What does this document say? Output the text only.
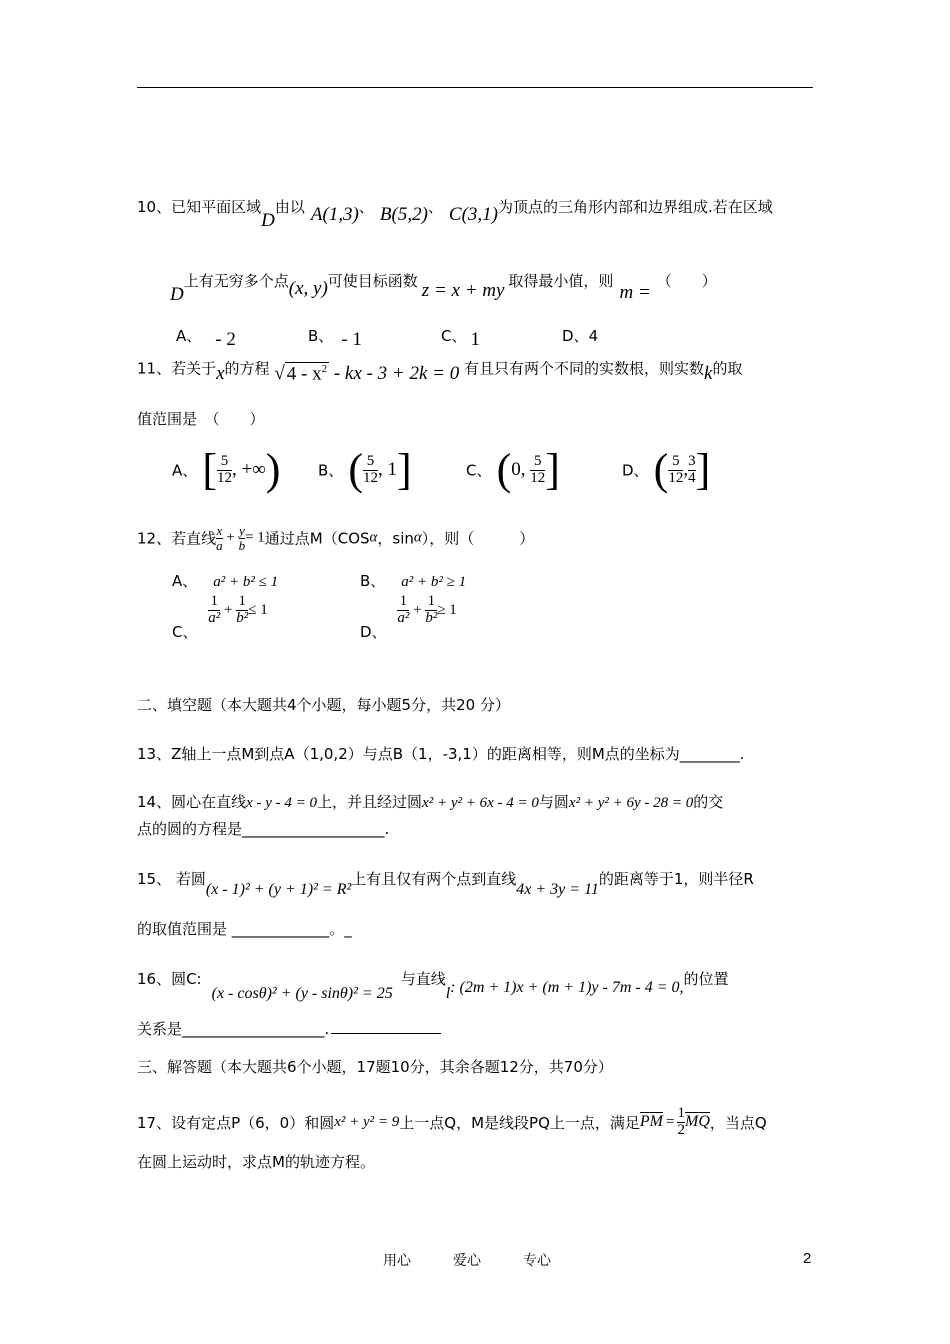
10、已知平面区域D由以 A(1,3)、 B(5,2)、 C(3,1)为顶点的三角形内部和边界组成.若在区域
D上有无穷多个点(x, y)可使目标函数 z = x + my 取得最小值，则m =（　　）
A、 - 2	B、 - 1	C、 1	D、4
11、若关于x的方程 √ $4 - x^2$ - kx - 3 + 2k = 0 有且只有两个不同的实数根，则实数k的取
值范围是　（　　）
A、 [ $\frac{5}{12}$ , +∞)	B、 ( $\frac{5}{12}$ , 1]	C、 (0, $\frac{5}{12}$ ]	D、 ( $\frac{5}{12}$ , $\frac{3}{4}$ ]
12、若直线 $\frac{x}{a} + \frac{y}{b} = 1$通过点M（COSα，sinα），则（　　　）
A、 a² + b² ≤ 1	B、 a² + b² ≥ 1
C、
$\frac{1}{\text{a²}} + \frac{1}{\text{b²}} \le 1$
D、
$\frac{1}{\text{a²}} + \frac{1}{\text{b²}} \ge 1$
二、填空题（本大题共4个小题，每小题5分，共20 分）
13、Z轴上一点M到点A（1,0,2）与点B（1，-3,1）的距离相等，则M点的坐标为________.
14、圆心在直线x - y - 4 = 0上，并且经过圆x² + y² + 6x - 4 = 0与圆x² + y² + 6y - 28 = 0的交
点的圆的方程是___________________.
15、 若圆(x - 1)² + (y + 1)² = R²上有且仅有两个点到直线4x + 3y = 11的距离等于1，则半径R
的取值范围是 _____________。_
16、圆C:(x - cosθ)² + (y - sinθ)² = 25与直线l: (2m + 1)x + (m + 1)y - 7m - 4 = 0,的位置
关系是___________________.
三、解答题（本大题共6个小题，17题10分，其余各题12分，共70分）
17、设有定点P（6，0）和圆x² + y² = 9上一点Q，M是线段PQ上一点，满足PM = $\frac{1}{2}$ MQ，当点Q
在圆上运动时，求点M的轨迹方程。
用心　　　爱心　　　专心	2
